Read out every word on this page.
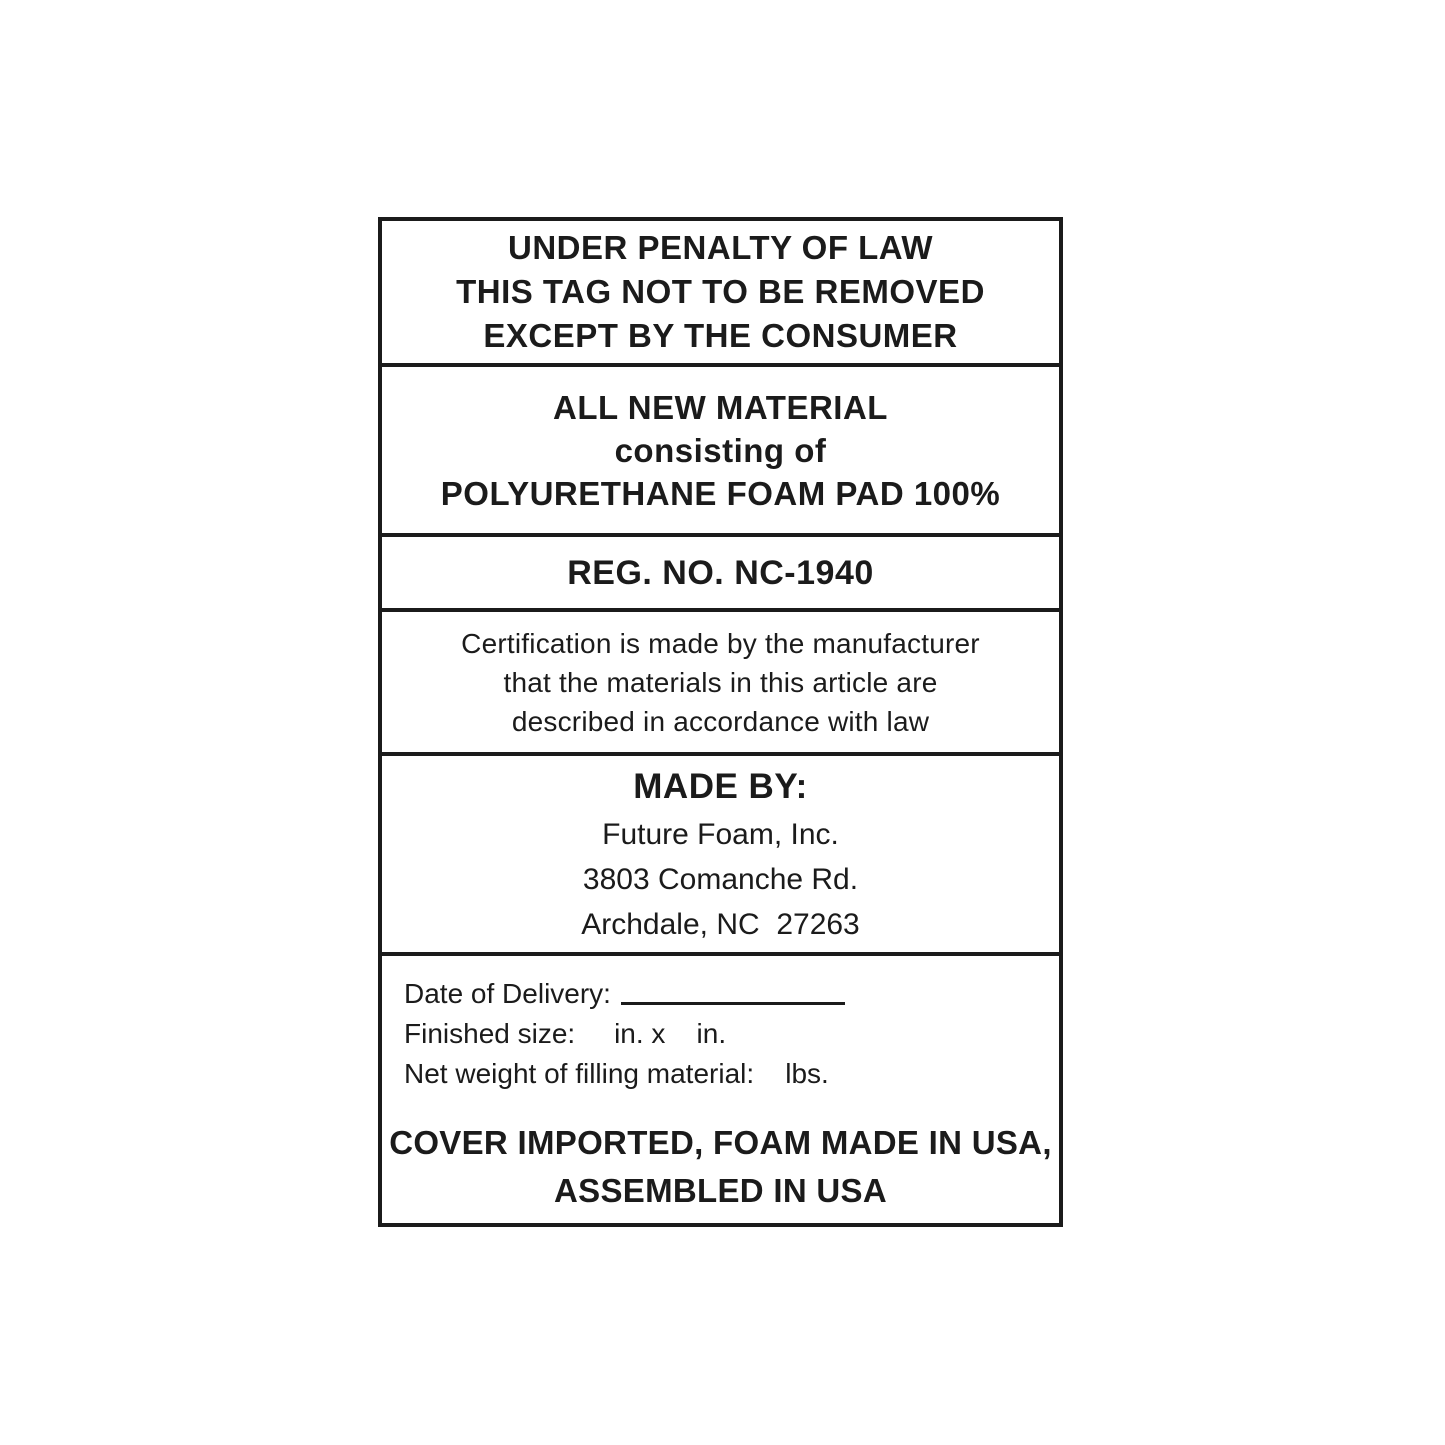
UNDER PENALTY OF LAW
THIS TAG NOT TO BE REMOVED
EXCEPT BY THE CONSUMER
ALL NEW MATERIAL
consisting of
POLYURETHANE FOAM PAD 100%
REG. NO. NC-1940
Certification is made by the manufacturer
that the materials in this article are
described in accordance with law
MADE BY:
Future Foam, Inc.
3803 Comanche Rd.
Archdale, NC  27263
Date of Delivery:
Finished size:     in. x    in.
Net weight of filling material:    lbs.
COVER IMPORTED, FOAM MADE IN USA,
ASSEMBLED IN USA
